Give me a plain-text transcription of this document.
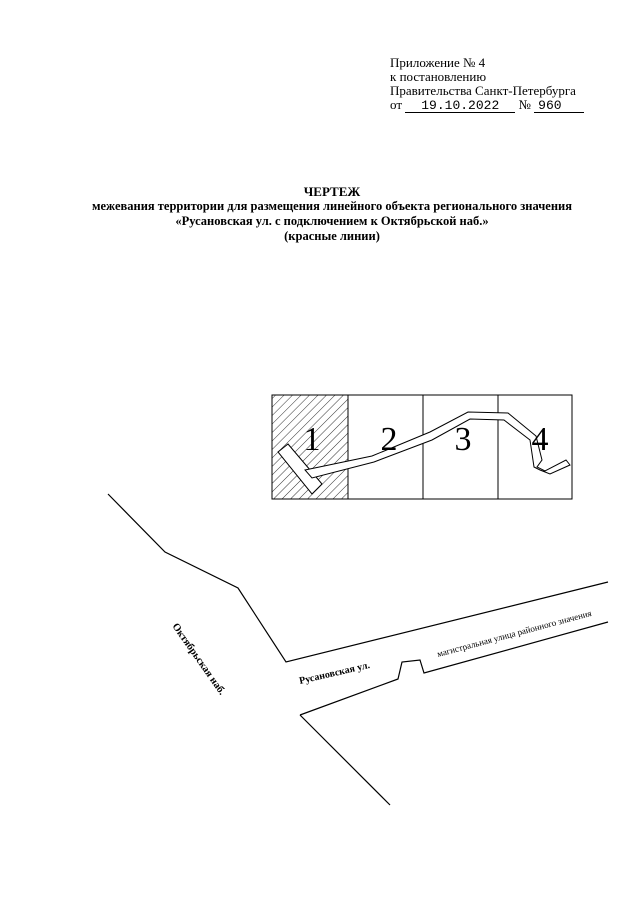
Приложение № 4
к постановлению
Правительства Санкт-Петербурга
от 19.10.2022 № 960
ЧЕРТЕЖ
межевания территории для размещения линейного объекта регионального значения
«Русановская ул. с подключением к Октябрьской наб.»
(красные линии)
1 2 3 4
Октябрьская наб.	Русановская ул.
магистральная улица районного значения
